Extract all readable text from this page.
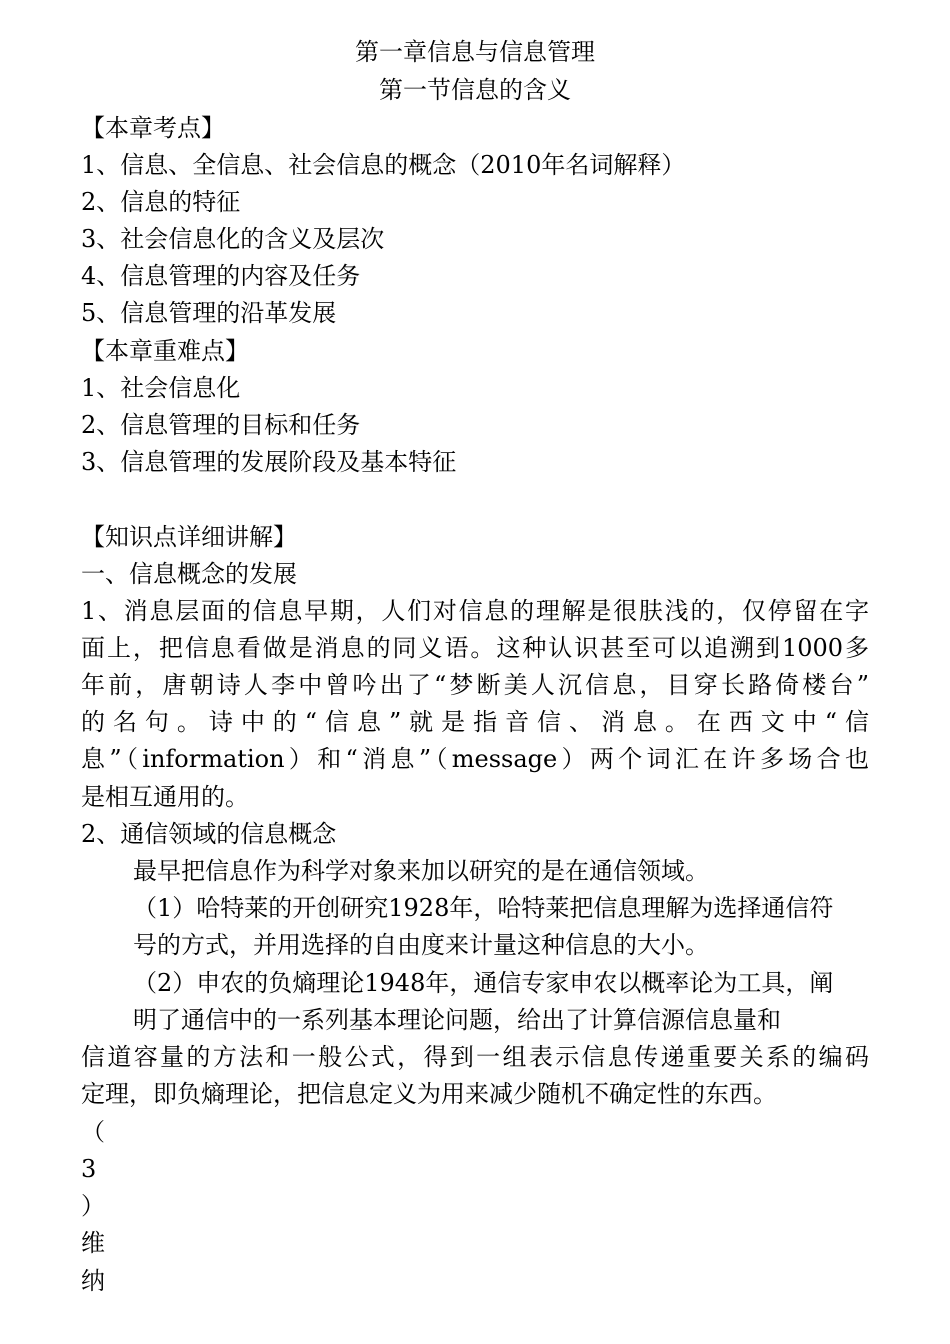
第一章信息与信息管理
第一节信息的含义
【本章考点】
1、信息、全信息、社会信息的概念（2010年名词解释）
2、信息的特征
3、社会信息化的含义及层次
4、信息管理的内容及任务
5、信息管理的沿革发展
【本章重难点】
1、社会信息化
2、信息管理的目标和任务
3、信息管理的发展阶段及基本特征
【知识点详细讲解】
一、信息概念的发展
1、消息层面的信息早期，人们对信息的理解是很肤浅的，仅停留在字
面上，把信息看做是消息的同义语。这种认识甚至可以追溯到1000多
年前，唐朝诗人李中曾吟出了“梦断美人沉信息，目穿长路倚楼台”
的名句。诗中的“信息”就是指音信、消息。在西文中“信
息”（information）和“消息”（message）两个词汇在许多场合也
是相互通用的。
2、通信领域的信息概念
最早把信息作为科学对象来加以研究的是在通信领域。
（1）哈特莱的开创研究1928年，哈特莱把信息理解为选择通信符
号的方式，并用选择的自由度来计量这种信息的大小。
（2）申农的负熵理论1948年，通信专家申农以概率论为工具，阐
明了通信中的一系列基本理论问题，给出了计算信源信息量和
信道容量的方法和一般公式，得到一组表示信息传递重要关系的编码
定理，即负熵理论，把信息定义为用来减少随机不确定性的东西。
（
3
）
维
纳
